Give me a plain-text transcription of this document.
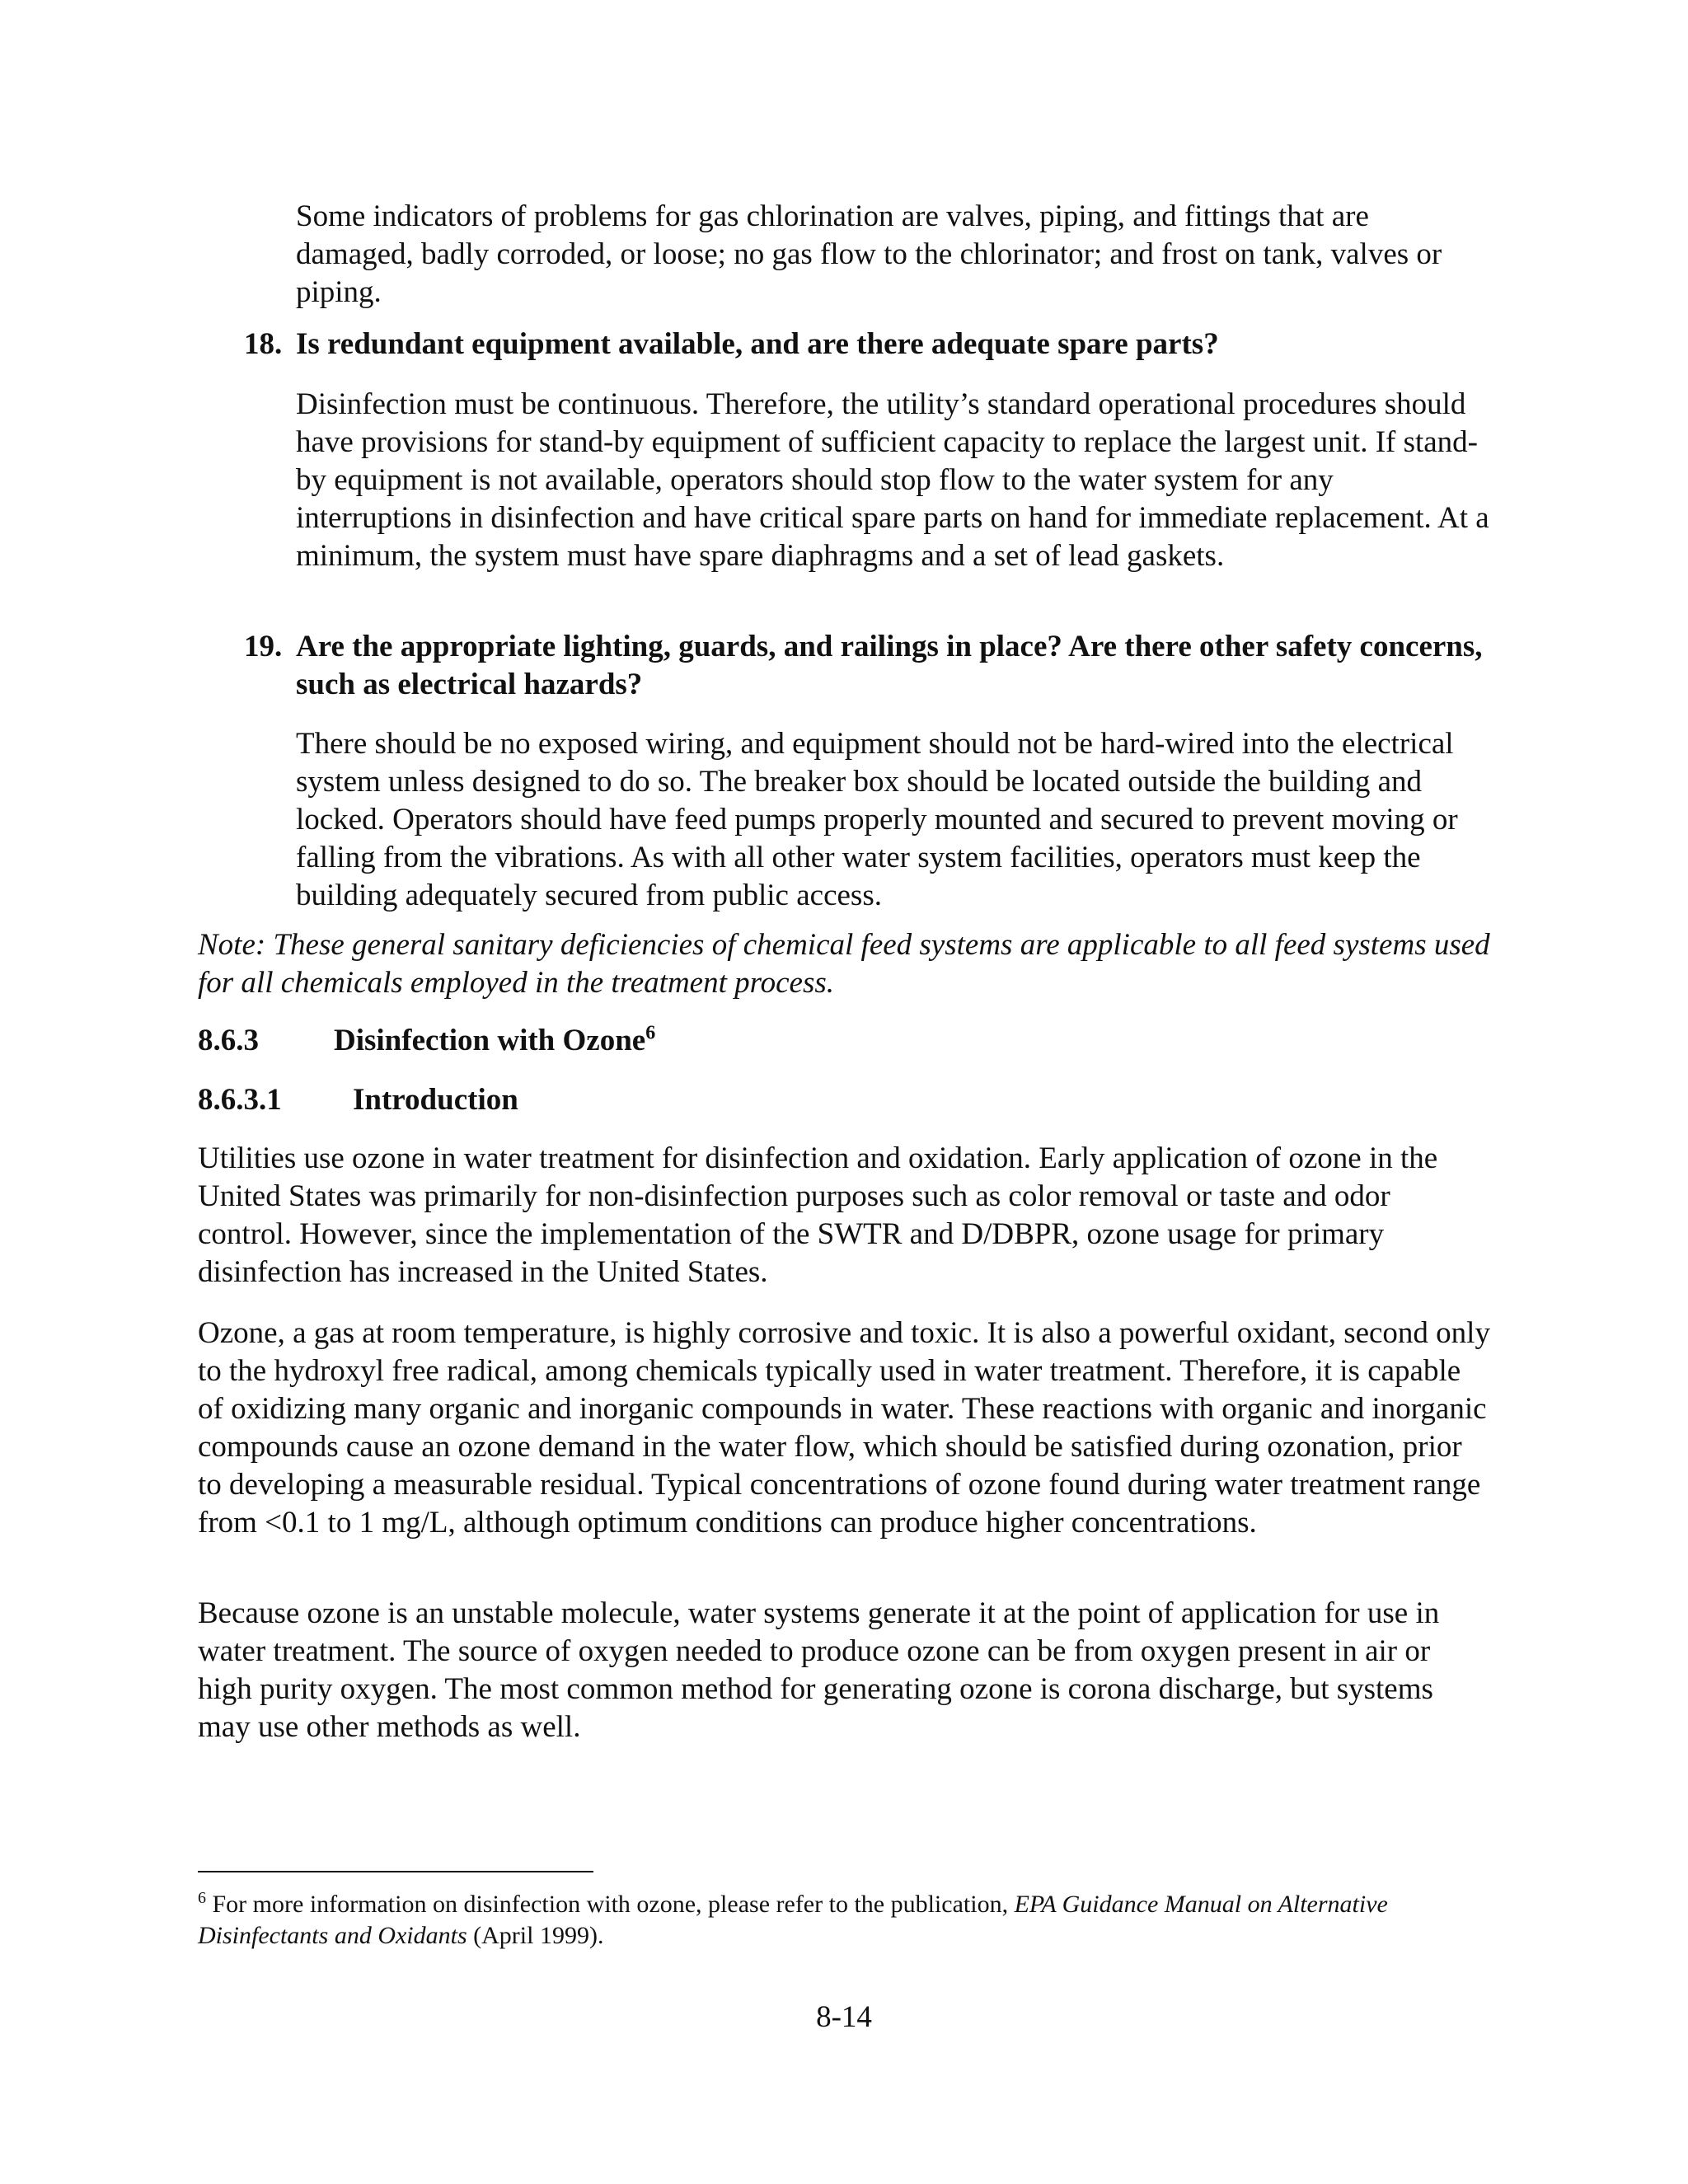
Some indicators of problems for gas chlorination are valves, piping, and fittings that are damaged, badly corroded, or loose; no gas flow to the chlorinator; and frost on tank, valves or piping.

18. Is redundant equipment available, and are there adequate spare parts?

Disinfection must be continuous. Therefore, the utility’s standard operational procedures should have provisions for stand-by equipment of sufficient capacity to replace the largest unit. If stand-by equipment is not available, operators should stop flow to the water system for any interruptions in disinfection and have critical spare parts on hand for immediate replacement. At a minimum, the system must have spare diaphragms and a set of lead gaskets.

19. Are the appropriate lighting, guards, and railings in place? Are there other safety concerns, such as electrical hazards?

There should be no exposed wiring, and equipment should not be hard-wired into the electrical system unless designed to do so. The breaker box should be located outside the building and locked. Operators should have feed pumps properly mounted and secured to prevent moving or falling from the vibrations. As with all other water system facilities, operators must keep the building adequately secured from public access.

Note: These general sanitary deficiencies of chemical feed systems are applicable to all feed systems used for all chemicals employed in the treatment process.

8.6.3 Disinfection with Ozone$^6$
8.6.3.1 Introduction

Utilities use ozone in water treatment for disinfection and oxidation. Early application of ozone in the United States was primarily for non-disinfection purposes such as color removal or taste and odor control. However, since the implementation of the SWTR and D/DBPR, ozone usage for primary disinfection has increased in the United States.

Ozone, a gas at room temperature, is highly corrosive and toxic. It is also a powerful oxidant, second only to the hydroxyl free radical, among chemicals typically used in water treatment. Therefore, it is capable of oxidizing many organic and inorganic compounds in water. These reactions with organic and inorganic compounds cause an ozone demand in the water flow, which should be satisfied during ozonation, prior to developing a measurable residual. Typical concentrations of ozone found during water treatment range from <0.1 to 1 mg/L, although optimum conditions can produce higher concentrations.

Because ozone is an unstable molecule, water systems generate it at the point of application for use in water treatment. The source of oxygen needed to produce ozone can be from oxygen present in air or high purity oxygen. The most common method for generating ozone is corona discharge, but systems may use other methods as well.

$^6$ For more information on disinfection with ozone, please refer to the publication, EPA Guidance Manual on Alternative Disinfectants and Oxidants (April 1999).

8-14
